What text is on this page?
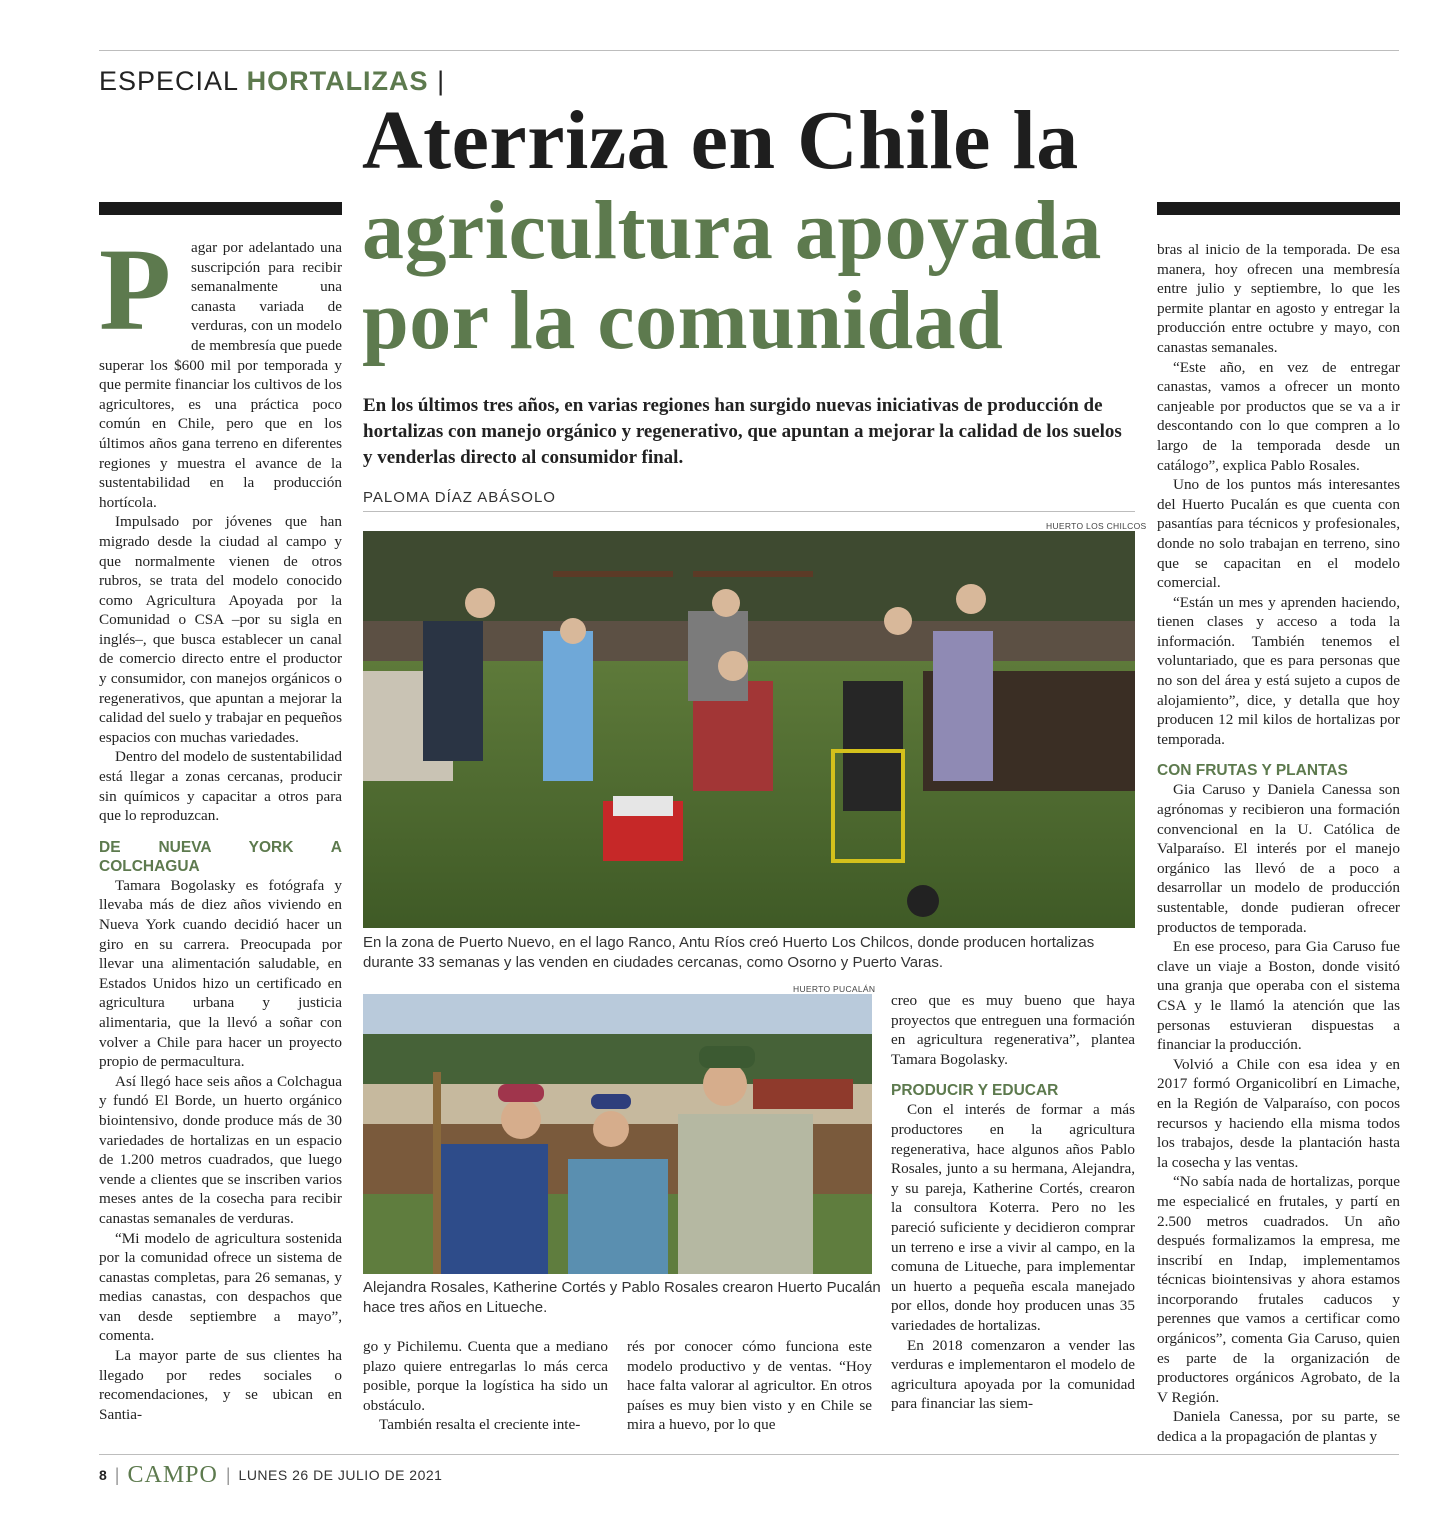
ESPECIAL HORTALIZAS |
Aterriza en Chile la
agricultura apoyada
por la comunidad
En los últimos tres años, en varias regiones han surgido nuevas iniciativas de producción de hortalizas con manejo orgánico y regenerativo, que apuntan a mejorar la calidad de los suelos y venderlas directo al consumidor final.
PALOMA DÍAZ ABÁSOLO

P	agar por adelantado una suscripción para recibir semanalmente una canasta variada de verduras, con un modelo de membresía que puede superar los $600 mil por temporada y que permite financiar los cultivos de los agricultores, es una práctica poco común en Chile, pero que en los últimos años gana terreno en diferentes regiones y muestra el avance de la sustentabilidad en la producción hortícola.

Impulsado por jóvenes que han migrado desde la ciudad al campo y que normalmente vienen de otros rubros, se trata del modelo conocido como Agricultura Apoyada por la Comunidad o CSA –por su sigla en inglés–, que busca establecer un canal de comercio directo entre el productor y consumidor, con manejos orgánicos o regenerativos, que apuntan a mejorar la calidad del suelo y trabajar en pequeños espacios con muchas variedades.

Dentro del modelo de sustentabilidad está llegar a zonas cercanas, producir sin químicos y capacitar a otros para que lo reproduzcan.

DE NUEVA YORK A COLCHAGUA

Tamara Bogolasky es fotógrafa y llevaba más de diez años viviendo en Nueva York cuando decidió hacer un giro en su carrera. Preocupada por llevar una alimentación saludable, en Estados Unidos hizo un certificado en agricultura urbana y justicia alimentaria, que la llevó a soñar con volver a Chile para hacer un proyecto propio de permacultura.

Así llegó hace seis años a Colchagua y fundó El Borde, un huerto orgánico biointensivo, donde produce más de 30 variedades de hortalizas en un espacio de 1.200 metros cuadrados, que luego vende a clientes que se inscriben varios meses antes de la cosecha para recibir canastas semanales de verduras.

“Mi modelo de agricultura sostenida por la comunidad ofrece un sistema de canastas completas, para 26 semanas, y medias canastas, con despachos que van desde septiembre a mayo”, comenta.

La mayor parte de sus clientes ha llegado por redes sociales o recomendaciones, y se ubican en Santia-

HUERTO LOS CHILCOS
En la zona de Puerto Nuevo, en el lago Ranco, Antu Ríos creó Huerto Los Chilcos, donde producen hortalizas durante 33 semanas y las venden en ciudades cercanas, como Osorno y Puerto Varas.
HUERTO PUCALÁN
Alejandra Rosales, Katherine Cortés y Pablo Rosales crearon Huerto Pucalán hace tres años en Litueche.

go y Pichilemu. Cuenta que a mediano plazo quiere entregarlas lo más cerca posible, porque la logística ha sido un obstáculo.

También resalta el creciente inte-

rés por conocer cómo funciona este modelo productivo y de ventas. “Hoy hace falta valorar al agricultor. En otros países es muy bien visto y en Chile se mira a huevo, por lo que

creo que es muy bueno que haya proyectos que entreguen una formación en agricultura regenerativa”, plantea Tamara Bogolasky.

PRODUCIR Y EDUCAR

Con el interés de formar a más productores en la agricultura regenerativa, hace algunos años Pablo Rosales, junto a su hermana, Alejandra, y su pareja, Katherine Cortés, crearon la consultora Koterra. Pero no les pareció suficiente y decidieron comprar un terreno e irse a vivir al campo, en la comuna de Litueche, para implementar un huerto a pequeña escala manejado por ellos, donde hoy producen unas 35 variedades de hortalizas.

En 2018 comenzaron a vender las verduras e implementaron el modelo de agricultura apoyada por la comunidad para financiar las siem-

bras al inicio de la temporada. De esa manera, hoy ofrecen una membresía entre julio y septiembre, lo que les permite plantar en agosto y entregar la producción entre octubre y mayo, con canastas semanales.

“Este año, en vez de entregar canastas, vamos a ofrecer un monto canjeable por productos que se va a ir descontando con lo que compren a lo largo de la temporada desde un catálogo”, explica Pablo Rosales.

Uno de los puntos más interesantes del Huerto Pucalán es que cuenta con pasantías para técnicos y profesionales, donde no solo trabajan en terreno, sino que se capacitan en el modelo comercial.

“Están un mes y aprenden haciendo, tienen clases y acceso a toda la información. También tenemos el voluntariado, que es para personas que no son del área y está sujeto a cupos de alojamiento”, dice, y detalla que hoy producen 12 mil kilos de hortalizas por temporada.

CON FRUTAS Y PLANTAS

Gia Caruso y Daniela Canessa son agrónomas y recibieron una formación convencional en la U. Católica de Valparaíso. El interés por el manejo orgánico las llevó de a poco a desarrollar un modelo de producción sustentable, donde pudieran ofrecer productos de temporada.

En ese proceso, para Gia Caruso fue clave un viaje a Boston, donde visitó una granja que operaba con el sistema CSA y le llamó la atención que las personas estuvieran dispuestas a financiar la producción.

Volvió a Chile con esa idea y en 2017 formó Organicolibrí en Limache, en la Región de Valparaíso, con pocos recursos y haciendo ella misma todos los trabajos, desde la plantación hasta la cosecha y las ventas.

“No sabía nada de hortalizas, porque me especialicé en frutales, y partí en 2.500 metros cuadrados. Un año después formalizamos la empresa, me inscribí en Indap, implementamos técnicas biointensivas y ahora estamos incorporando frutales caducos y perennes que vamos a certificar como orgánicos”, comenta Gia Caruso, quien es parte de la organización de productores orgánicos Agrobato, de la V Región.

Daniela Canessa, por su parte, se dedica a la propagación de plantas y

8 | CAMPO | LUNES 26 DE JULIO DE 2021
